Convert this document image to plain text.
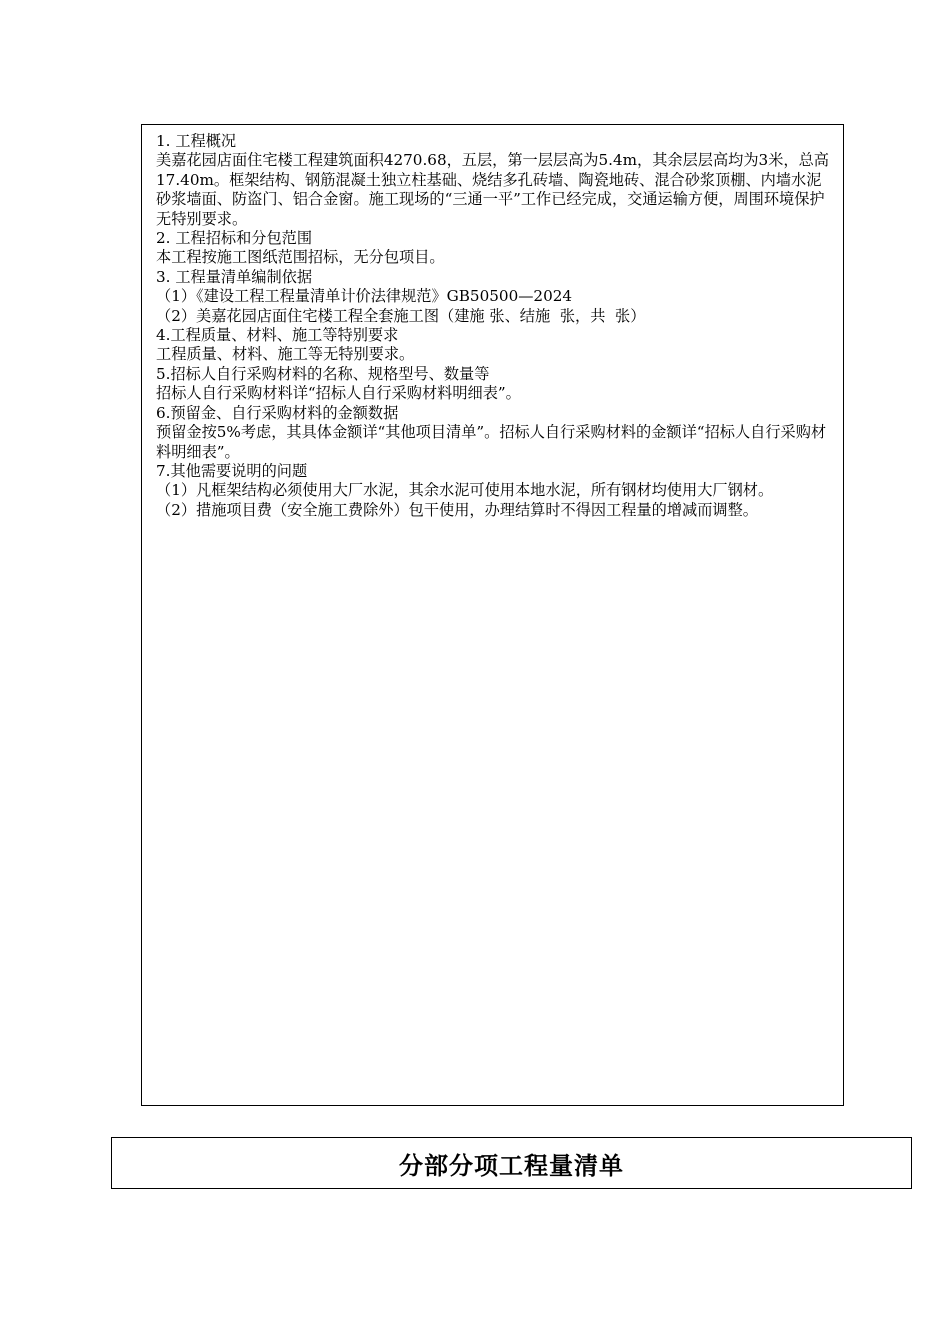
1. 工程概况
美嘉花园店面住宅楼工程建筑面积4270.68，五层，第一层层高为5.4m，其余层层高均为3米，总高17.40m。框架结构、钢筋混凝土独立柱基础、烧结多孔砖墙、陶瓷地砖、混合砂浆顶棚、内墙水泥砂浆墙面、防盗门、铝合金窗。施工现场的“三通一平”工作已经完成，交通运输方便，周围环境保护无特别要求。
2. 工程招标和分包范围
本工程按施工图纸范围招标，无分包项目。
3. 工程量清单编制依据
（1）《建设工程工程量清单计价法律规范》GB50500—2024
（2）美嘉花园店面住宅楼工程全套施工图（建施 张、结施  张，共  张）
4.工程质量、材料、施工等特别要求
工程质量、材料、施工等无特别要求。
5.招标人自行采购材料的名称、规格型号、数量等
招标人自行采购材料详“招标人自行采购材料明细表”。
6.预留金、自行采购材料的金额数据
预留金按5%考虑，其具体金额详“其他项目清单”。招标人自行采购材料的金额详“招标人自行采购材料明细表”。
7.其他需要说明的问题
（1）凡框架结构必须使用大厂水泥，其余水泥可使用本地水泥，所有钢材均使用大厂钢材。
（2）措施项目费（安全施工费除外）包干使用，办理结算时不得因工程量的增减而调整。
分部分项工程量清单
